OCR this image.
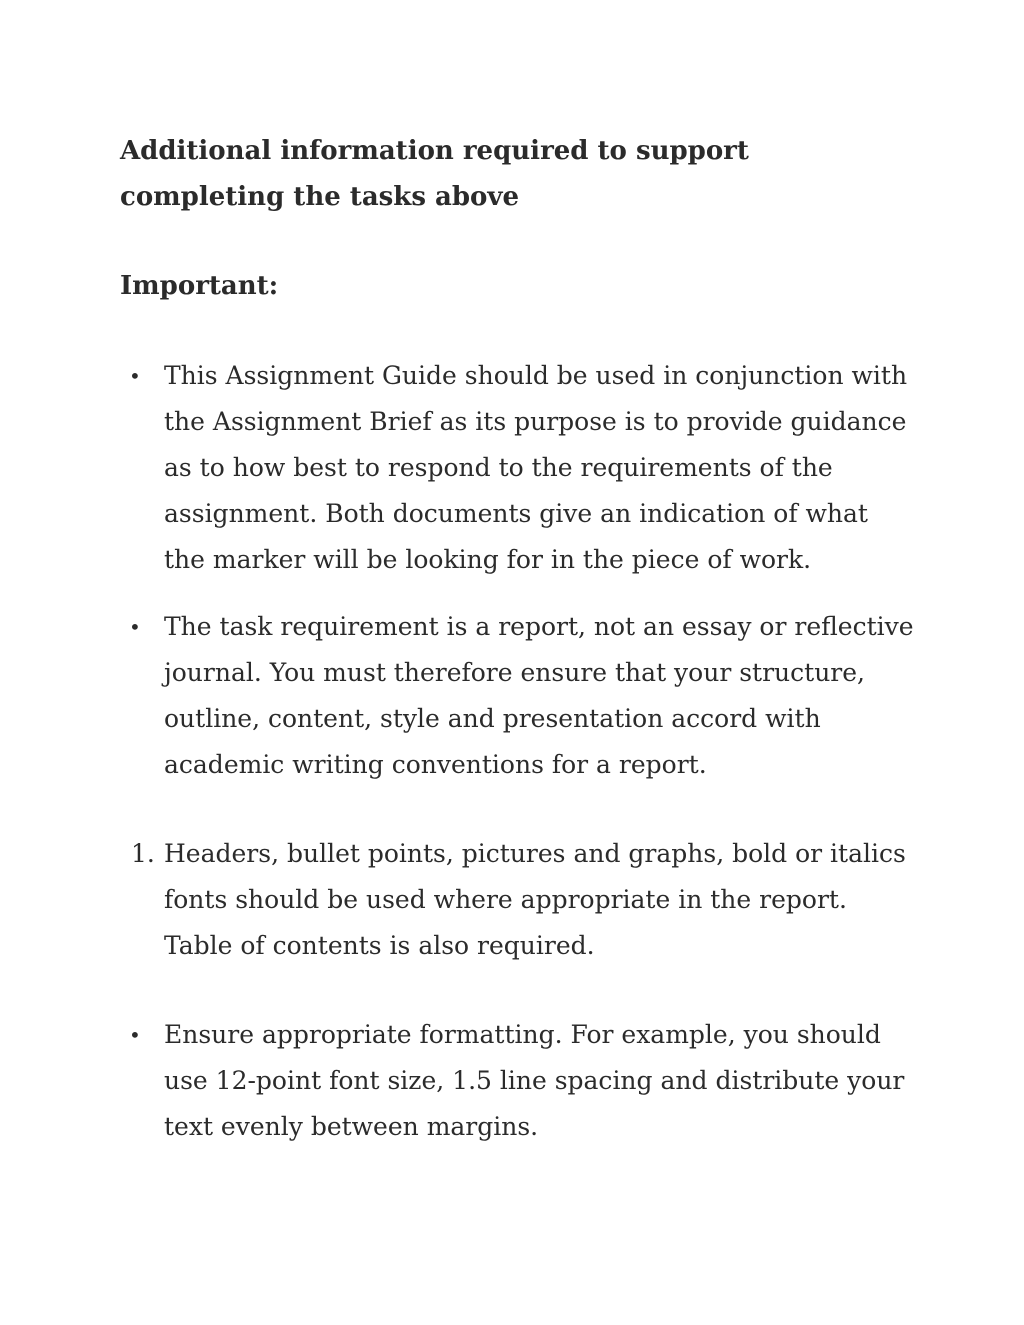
Additional information required to support completing the tasks above
Important:
• This Assignment Guide should be used in conjunction with the Assignment Brief as its purpose is to provide guidance as to how best to respond to the requirements of the assignment. Both documents give an indication of what the marker will be looking for in the piece of work.

• The task requirement is a report, not an essay or reflective journal. You must therefore ensure that your structure, outline, content, style and presentation accord with academic writing conventions for a report.

1. Headers, bullet points, pictures and graphs, bold or italics fonts should be used where appropriate in the report. Table of contents is also required.

• Ensure appropriate formatting. For example, you should use 12-point font size, 1.5 line spacing and distribute your text evenly between margins.
